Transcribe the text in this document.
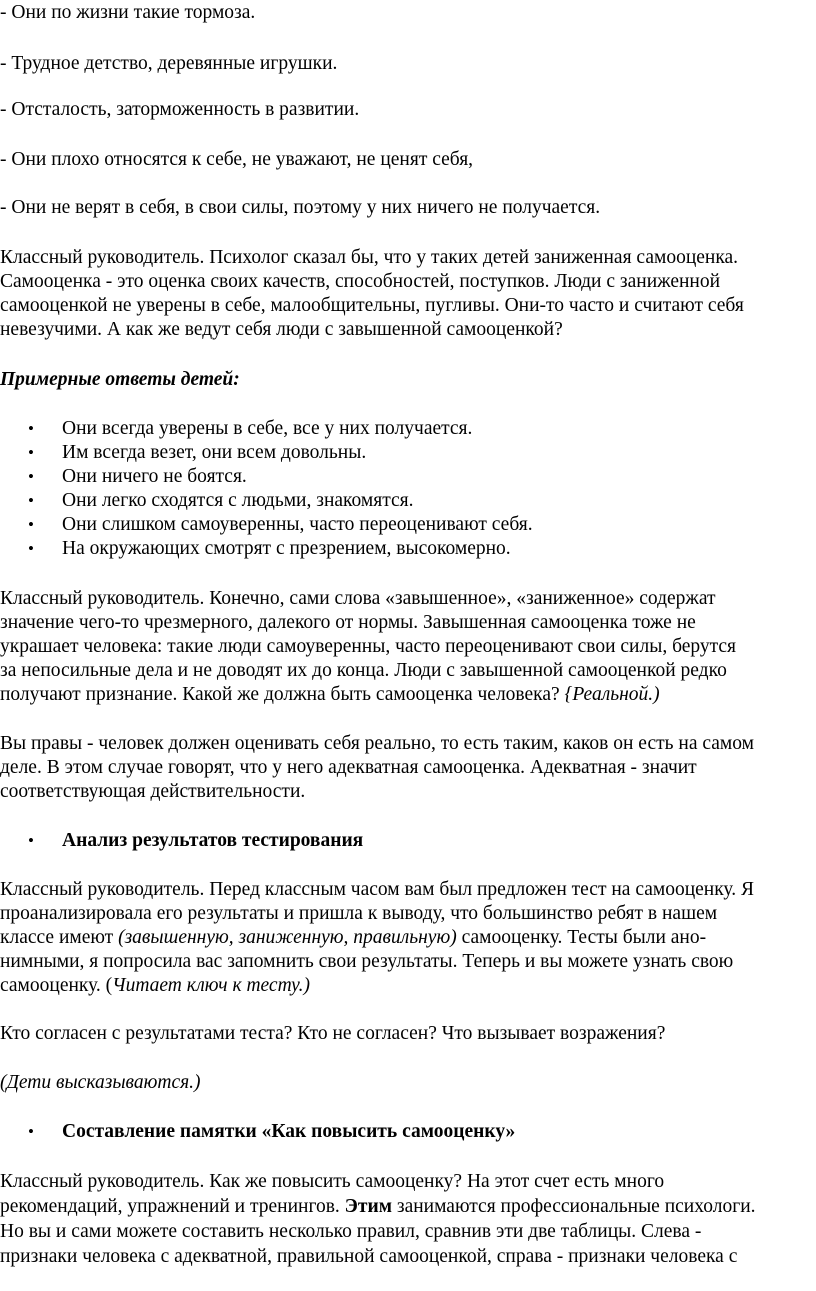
- Они по жизни такие тормоза.
- Трудное детство, деревянные игрушки.
- Отсталость, заторможенность в развитии.
- Они плохо относятся к себе, не уважают, не ценят себя,
- Они не верят в себя, в свои силы, поэтому у них ничего не получается.
Классный руководитель. Психолог сказал бы, что у таких детей заниженная самооценка.
Самооценка - это оценка своих качеств, способностей, поступков. Люди с заниженной
самооценкой не уверены в себе, малообщительны, пугливы. Они-то часто и считают себя
невезучими. А как же ведут себя люди с завышенной самооценкой?
Примерные ответы детей:
•	Они всегда уверены в себе, все у них получается.
•	Им всегда везет, они всем довольны.
•	Они ничего не боятся.
•	Они легко сходятся с людьми, знакомятся.
•	Они слишком самоуверенны, часто переоценивают себя.
•	На окружающих смотрят с презрением, высокомерно.
Классный руководитель. Конечно, сами слова «завышенное», «заниженное» содержат
значение чего-то чрезмерного, далекого от нормы. Завышенная самооценка тоже не
украшает человека: такие люди самоуверенны, часто переоценивают свои силы, берутся
за непосильные дела и не доводят их до конца. Люди с завышенной самооценкой редко
получают признание. Какой же должна быть самооценка человека? {Реальной.)
Вы правы - человек должен оценивать себя реально, то есть таким, каков он есть на самом
деле. В этом случае говорят, что у него адекватная самооценка. Адекватная - значит
соответствующая действительности.
•	Анализ результатов тестирования
Классный руководитель. Перед классным часом вам был предложен тест на самооценку. Я
проанализировала его результаты и пришла к выводу, что большинство ребят в нашем
классе имеют (завышенную, заниженную, правильную) самооценку. Тесты были ано-
нимными, я попросила вас запомнить свои результаты. Теперь и вы можете узнать свою
самооценку. (Читает ключ к тесту.)
Кто согласен с результатами теста? Кто не согласен? Что вызывает возражения?
(Дети высказываются.)
•	Составление памятки «Как повысить самооценку»
Классный руководитель. Как же повысить самооценку? На этот счет есть много
рекомендаций, упражнений и тренингов. Этим занимаются профессиональные психологи.
Но вы и сами можете составить несколько правил, сравнив эти две таблицы. Слева -
признаки человека с адекватной, правильной самооценкой, справа - признаки человека с
